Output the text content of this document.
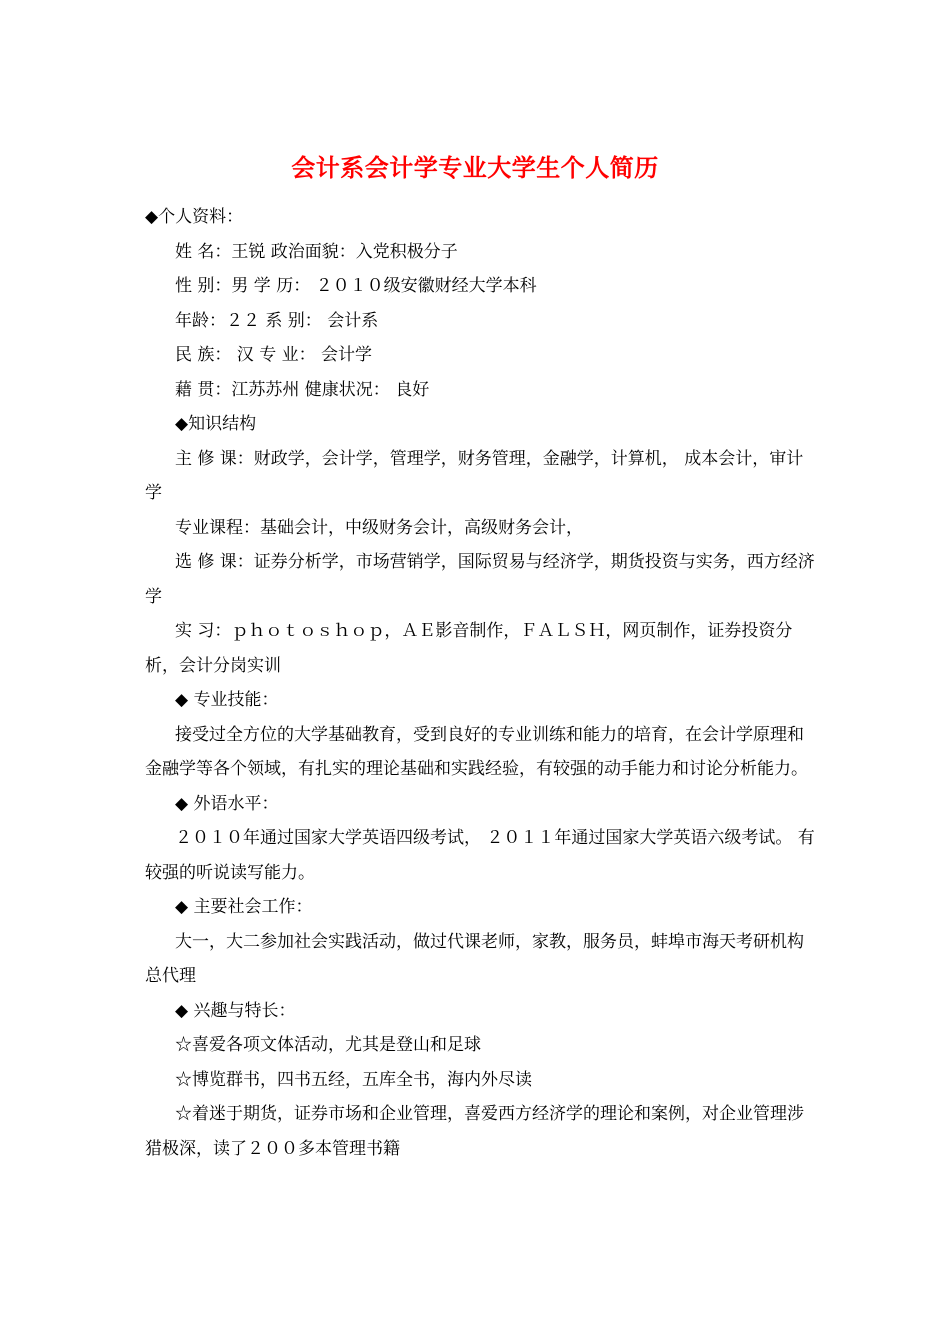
会计系会计学专业大学生个人简历

◆个人资料：

姓 名：王锐 政治面貌：入党积极分子

性 别：男 学 历： ２０１０级安徽财经大学本科

年龄：２２ 系 别： 会计系

民 族： 汉 专 业： 会计学

藉 贯：江苏苏州 健康状况： 良好

◆知识结构

主 修 课：财政学，会计学，管理学，财务管理，金融学，计算机， 成本会计，审计学

专业课程：基础会计，中级财务会计，高级财务会计，

选 修 课：证券分析学，市场营销学，国际贸易与经济学，期货投资与实务，西方经济学

实 习：ｐｈｏｔｏｓｈｏｐ，ＡＥ影音制作，ＦＡＬＳＨ，网页制作，证券投资分析，会计分岗实训

◆ 专业技能：

接受过全方位的大学基础教育，受到良好的专业训练和能力的培育，在会计学原理和金融学等各个领域，有扎实的理论基础和实践经验，有较强的动手能力和讨论分析能力。

◆ 外语水平：

２０１０年通过国家大学英语四级考试， ２０１１年通过国家大学英语六级考试。 有较强的听说读写能力。

◆ 主要社会工作：

大一，大二参加社会实践活动，做过代课老师，家教，服务员，蚌埠市海天考研机构总代理

◆ 兴趣与特长：

☆喜爱各项文体活动，尤其是登山和足球

☆博览群书，四书五经，五库全书，海内外尽读

☆着迷于期货，证券市场和企业管理，喜爱西方经济学的理论和案例，对企业管理涉猎极深，读了２００多本管理书籍
